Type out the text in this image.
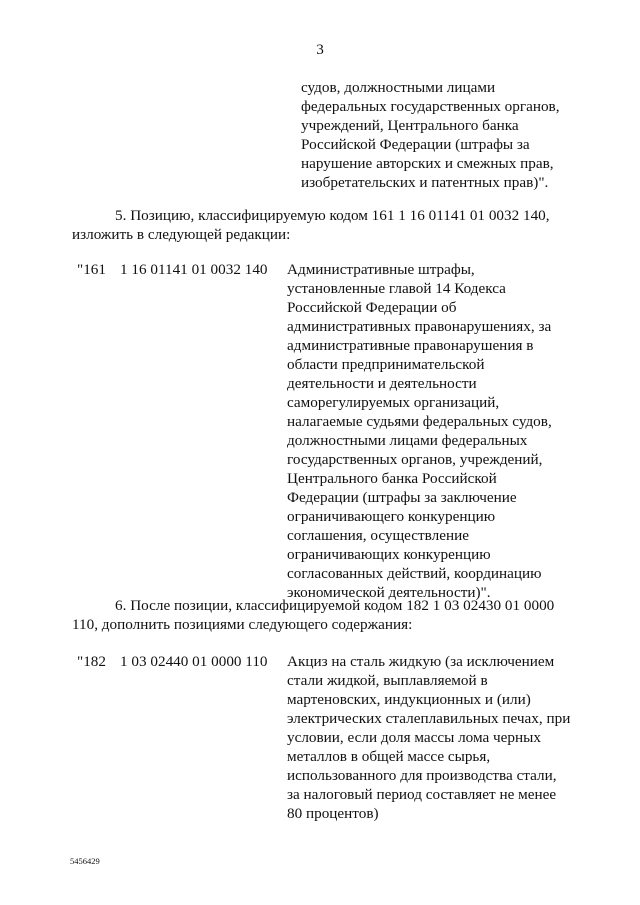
3
судов, должностными лицами федеральных государственных органов, учреждений, Центрального банка Российской Федерации (штрафы за нарушение авторских и смежных прав, изобретательских и патентных прав)".
5. Позицию, классифицируемую кодом 161 1 16 01141 01 0032 140, изложить в следующей редакции:
"161 1 16 01141 01 0032 140 Административные штрафы, установленные главой 14 Кодекса Российской Федерации об административных правонарушениях, за административные правонарушения в области предпринимательской деятельности и деятельности саморегулируемых организаций, налагаемые судьями федеральных судов, должностными лицами федеральных государственных органов, учреждений, Центрального банка Российской Федерации (штрафы за заключение ограничивающего конкуренцию соглашения, осуществление ограничивающих конкуренцию согласованных действий, координацию экономической деятельности)".
6. После позиции, классифицируемой кодом 182 1 03 02430 01 0000 110, дополнить позициями следующего содержания:
"182 1 03 02440 01 0000 110 Акциз на сталь жидкую (за исключением стали жидкой, выплавляемой в мартеновских, индукционных и (или) электрических сталеплавильных печах, при условии, если доля массы лома черных металлов в общей массе сырья, использованного для производства стали, за налоговый период составляет не менее 80 процентов)
5456429
